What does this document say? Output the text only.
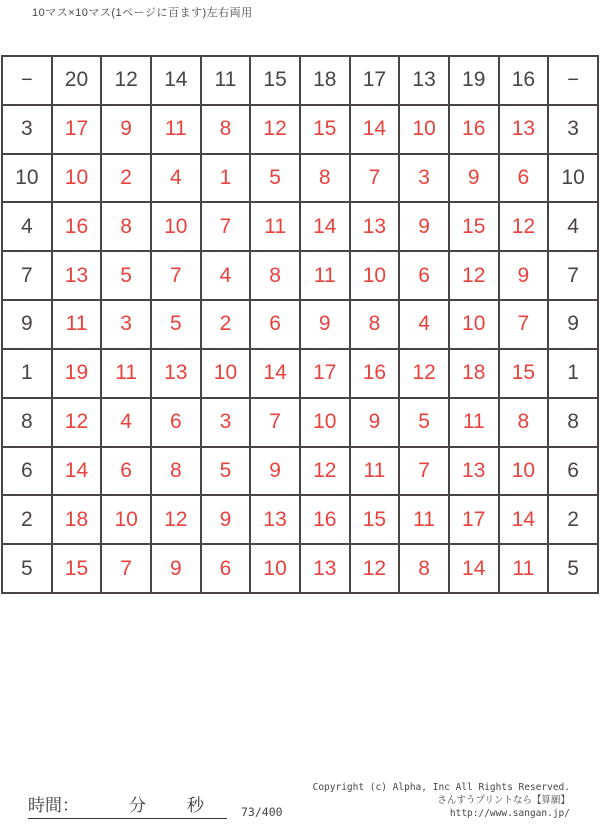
10マス×10マス(1ページに百ます)左右両用
−	20	12	14	11	15	18	17	13	19	16	−
3	17	9	11	8	12	15	14	10	16	13	3
10	10	2	4	1	5	8	7	3	9	6	10
4	16	8	10	7	11	14	13	9	15	12	4
7	13	5	7	4	8	11	10	6	12	9	7
9	11	3	5	2	6	9	8	4	10	7	9
1	19	11	13	10	14	17	16	12	18	15	1
8	12	4	6	3	7	10	9	5	11	8	8
6	14	6	8	5	9	12	11	7	13	10	6
2	18	10	12	9	13	16	15	11	17	14	2
5	15	7	9	6	10	13	12	8	14	11	5
時間：	分 秒	73/400
Copyright (c) Alpha, Inc All Rights Reserved.
さんすうプリントなら【算願】
http://www.sangan.jp/
